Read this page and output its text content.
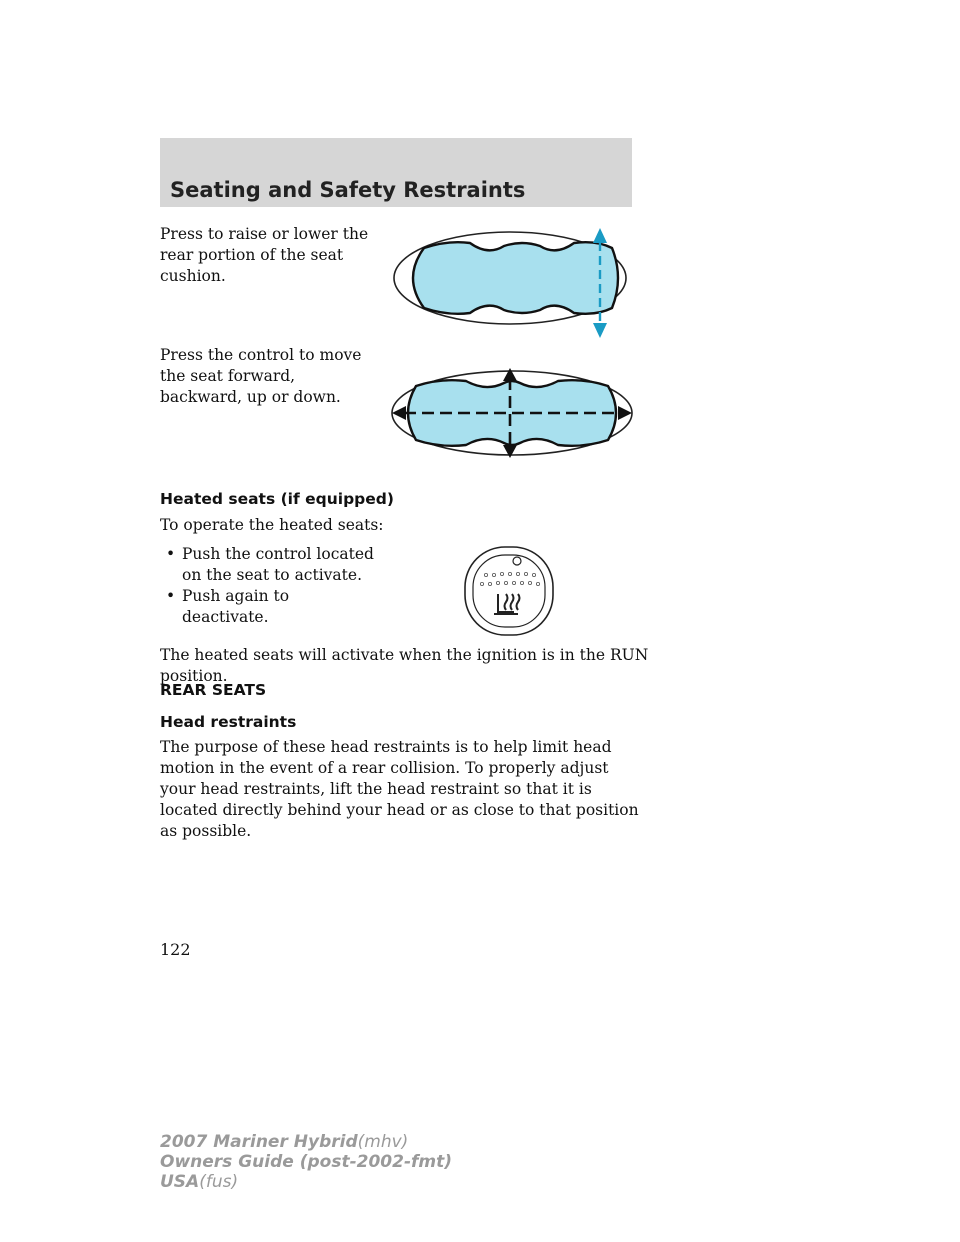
Seating and Safety Restraints

Press to raise or lower the rear portion of the seat cushion.

Press the control to move the seat forward, backward, up or down.

Heated seats (if equipped)

To operate the heated seats:

• Push the control located on the seat to activate.
• Push again to deactivate.

The heated seats will activate when the ignition is in the RUN position.

REAR SEATS
Head restraints

The purpose of these head restraints is to help limit head motion in the event of a rear collision. To properly adjust your head restraints, lift the head restraint so that it is located directly behind your head or as close to that position as possible.

122

2007 Mariner Hybrid(mhv)
Owners Guide (post-2002-fmt)
USA(fus)
